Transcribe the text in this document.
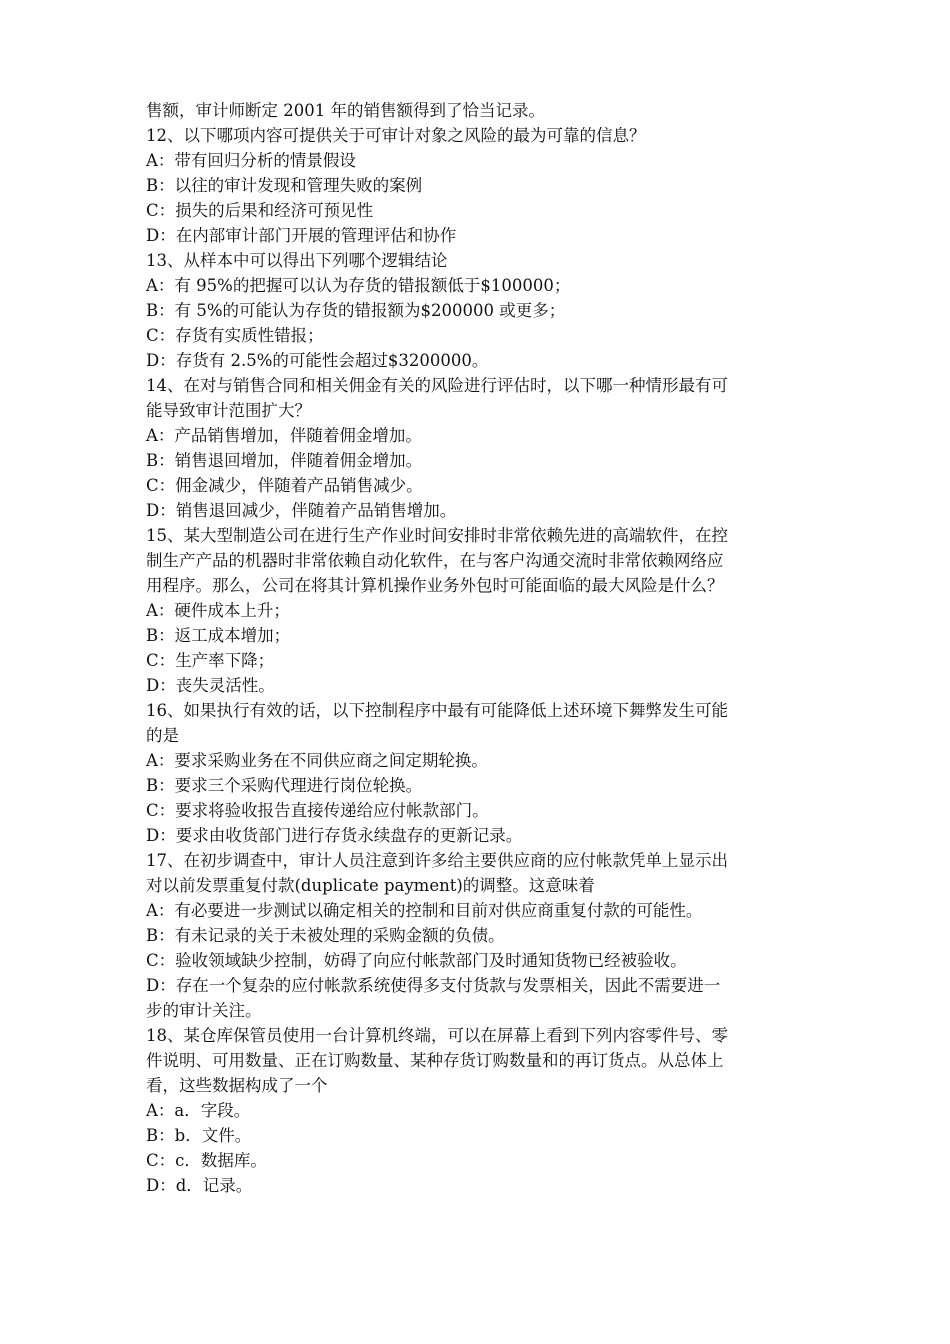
售额，审计师断定 2001 年的销售额得到了恰当记录。
12、以下哪项内容可提供关于可审计对象之风险的最为可靠的信息？
A：带有回归分析的情景假设
B：以往的审计发现和管理失败的案例
C：损失的后果和经济可预见性
D：在内部审计部门开展的管理评估和协作
13、从样本中可以得出下列哪个逻辑结论
A：有 95%的把握可以认为存货的错报额低于$100000；
B：有 5%的可能认为存货的错报额为$200000 或更多；
C：存货有实质性错报；
D：存货有 2.5%的可能性会超过$3200000。
14、在对与销售合同和相关佣金有关的风险进行评估时，以下哪一种情形最有可
能导致审计范围扩大？
A：产品销售增加，伴随着佣金增加。
B：销售退回增加，伴随着佣金增加。
C：佣金减少，伴随着产品销售减少。
D：销售退回减少，伴随着产品销售增加。
15、某大型制造公司在进行生产作业时间安排时非常依赖先进的高端软件，在控
制生产产品的机器时非常依赖自动化软件，在与客户沟通交流时非常依赖网络应
用程序。那么，公司在将其计算机操作业务外包时可能面临的最大风险是什么？
A：硬件成本上升；
B：返工成本增加；
C：生产率下降；
D：丧失灵活性。
16、如果执行有效的话，以下控制程序中最有可能降低上述环境下舞弊发生可能
的是
A：要求采购业务在不同供应商之间定期轮换。
B：要求三个采购代理进行岗位轮换。
C：要求将验收报告直接传递给应付帐款部门。
D：要求由收货部门进行存货永续盘存的更新记录。
17、在初步调查中，审计人员注意到许多给主要供应商的应付帐款凭单上显示出
对以前发票重复付款(duplicate payment)的调整。这意味着
A：有必要进一步测试以确定相关的控制和目前对供应商重复付款的可能性。
B：有未记录的关于未被处理的采购金额的负债。
C：验收领域缺少控制，妨碍了向应付帐款部门及时通知货物已经被验收。
D：存在一个复杂的应付帐款系统使得多支付货款与发票相关，因此不需要进一
步的审计关注。
18、某仓库保管员使用一台计算机终端，可以在屏幕上看到下列内容零件号、零
件说明、可用数量、正在订购数量、某种存货订购数量和的再订货点。从总体上
看，这些数据构成了一个
A：a．字段。
B：b．文件。
C：c．数据库。
D：d．记录。
